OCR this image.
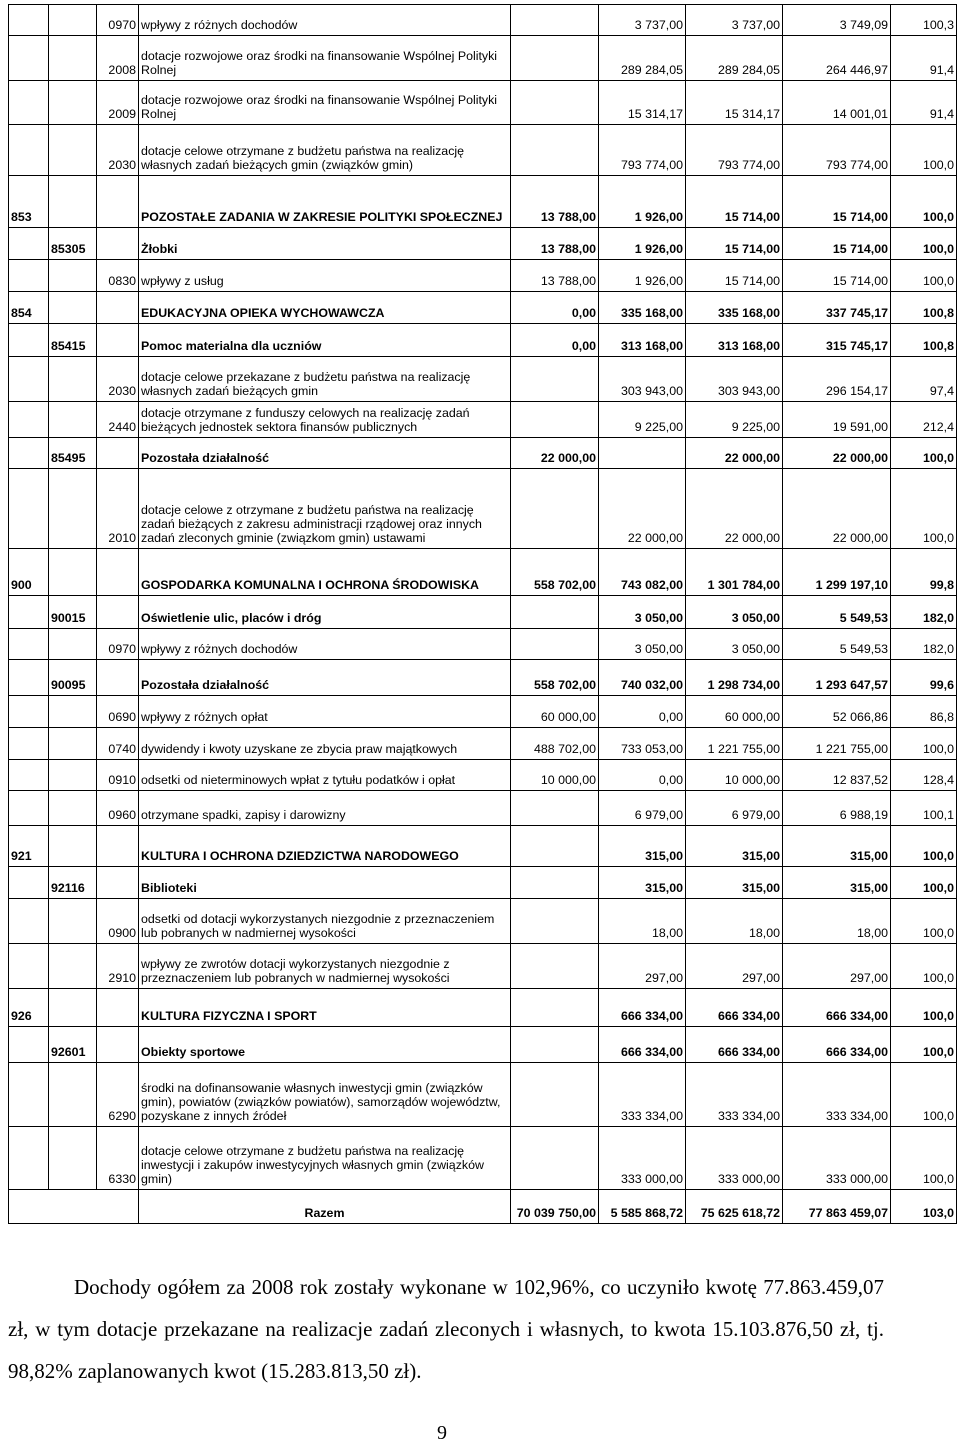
		0970	wpływy z różnych dochodów		3 737,00	3 737,00	3 749,09	100,3
		2008	dotacje rozwojowe oraz środki na finansowanie Wspólnej Polityki Rolnej		289 284,05	289 284,05	264 446,97	91,4
		2009	dotacje rozwojowe oraz środki na finansowanie Wspólnej Polityki Rolnej		15 314,17	15 314,17	14 001,01	91,4
		2030	dotacje celowe otrzymane z budżetu państwa na realizację własnych zadań bieżących gmin (związków gmin)		793 774,00	793 774,00	793 774,00	100,0
853			POZOSTAŁE ZADANIA W ZAKRESIE POLITYKI SPOŁECZNEJ	13 788,00	1 926,00	15 714,00	15 714,00	100,0
	85305		Żłobki	13 788,00	1 926,00	15 714,00	15 714,00	100,0
		0830	wpływy z usług	13 788,00	1 926,00	15 714,00	15 714,00	100,0
854			EDUKACYJNA OPIEKA WYCHOWAWCZA	0,00	335 168,00	335 168,00	337 745,17	100,8
	85415		Pomoc materialna dla uczniów	0,00	313 168,00	313 168,00	315 745,17	100,8
		2030	dotacje celowe przekazane z budżetu państwa na realizację własnych zadań bieżących gmin		303 943,00	303 943,00	296 154,17	97,4
		2440	dotacje otrzymane z funduszy celowych na realizację zadań bieżących jednostek sektora finansów publicznych		9 225,00	9 225,00	19 591,00	212,4
	85495		Pozostała działalność	22 000,00		22 000,00	22 000,00	100,0
		2010	dotacje celowe z otrzymane z budżetu państwa na realizację zadań bieżących z zakresu administracji rządowej oraz innych zadań zleconych gminie (związkom gmin) ustawami		22 000,00	22 000,00	22 000,00	100,0
900			GOSPODARKA KOMUNALNA I OCHRONA ŚRODOWISKA	558 702,00	743 082,00	1 301 784,00	1 299 197,10	99,8
	90015		Oświetlenie ulic, placów i dróg		3 050,00	3 050,00	5 549,53	182,0
		0970	wpływy z różnych dochodów		3 050,00	3 050,00	5 549,53	182,0
	90095		Pozostała działalność	558 702,00	740 032,00	1 298 734,00	1 293 647,57	99,6
		0690	wpływy z różnych opłat	60 000,00	0,00	60 000,00	52 066,86	86,8
		0740	dywidendy i kwoty uzyskane ze zbycia praw majątkowych	488 702,00	733 053,00	1 221 755,00	1 221 755,00	100,0
		0910	odsetki od nieterminowych wpłat z tytułu podatków i opłat	10 000,00	0,00	10 000,00	12 837,52	128,4
		0960	otrzymane spadki, zapisy i darowizny		6 979,00	6 979,00	6 988,19	100,1
921			KULTURA I OCHRONA DZIEDZICTWA NARODOWEGO		315,00	315,00	315,00	100,0
	92116		Biblioteki		315,00	315,00	315,00	100,0
		0900	odsetki od dotacji wykorzystanych niezgodnie z przeznaczeniem lub pobranych w nadmiernej wysokości		18,00	18,00	18,00	100,0
		2910	wpływy ze zwrotów dotacji wykorzystanych niezgodnie z przeznaczeniem lub pobranych w nadmiernej wysokości		297,00	297,00	297,00	100,0
926			KULTURA FIZYCZNA I SPORT		666 334,00	666 334,00	666 334,00	100,0
	92601		Obiekty sportowe		666 334,00	666 334,00	666 334,00	100,0
		6290	środki na dofinansowanie własnych inwestycji gmin (związków gmin), powiatów (związków powiatów), samorządów województw, pozyskane z innych źródeł		333 334,00	333 334,00	333 334,00	100,0
		6330	dotacje celowe otrzymane z budżetu państwa na realizację inwestycji i zakupów inwestycyjnych własnych gmin (związków gmin)		333 000,00	333 000,00	333 000,00	100,0
			Razem	70 039 750,00	5 585 868,72	75 625 618,72	77 863 459,07	103,0

Dochody ogółem za 2008 rok zostały wykonane w 102,96%, co uczyniło kwotę 77.863.459,07 zł, w tym dotacje przekazane na realizacje zadań zleconych i własnych, to kwota 15.103.876,50 zł, tj. 98,82% zaplanowanych kwot (15.283.813,50 zł).

9
